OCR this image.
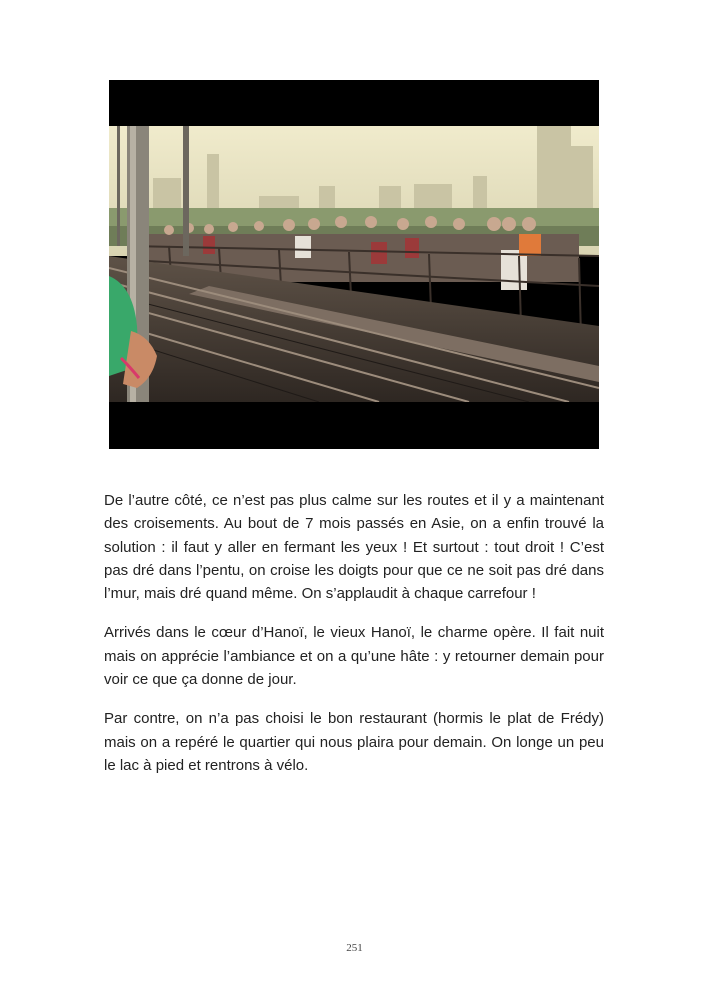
De l’autre côté, ce n’est pas plus calme sur les routes et il y a maintenant des croisements. Au bout de 7 mois passés en Asie, on a enfin trouvé la solution : il faut y aller en fermant les yeux ! Et surtout : tout droit ! C’est pas dré dans l’pentu, on croise les doigts pour que ce ne soit pas dré dans l’mur, mais dré quand même. On s’applaudit à chaque carrefour !

Arrivés dans le cœur d’Hanoï, le vieux Hanoï, le charme opère. Il fait nuit mais on apprécie l’ambiance et on a qu’une hâte : y retourner demain pour voir ce que ça donne de jour.

Par contre, on n’a pas choisi le bon restaurant (hormis le plat de Frédy) mais on a repéré le quartier qui nous plaira pour demain. On longe un peu le lac à pied et rentrons à vélo.

251
